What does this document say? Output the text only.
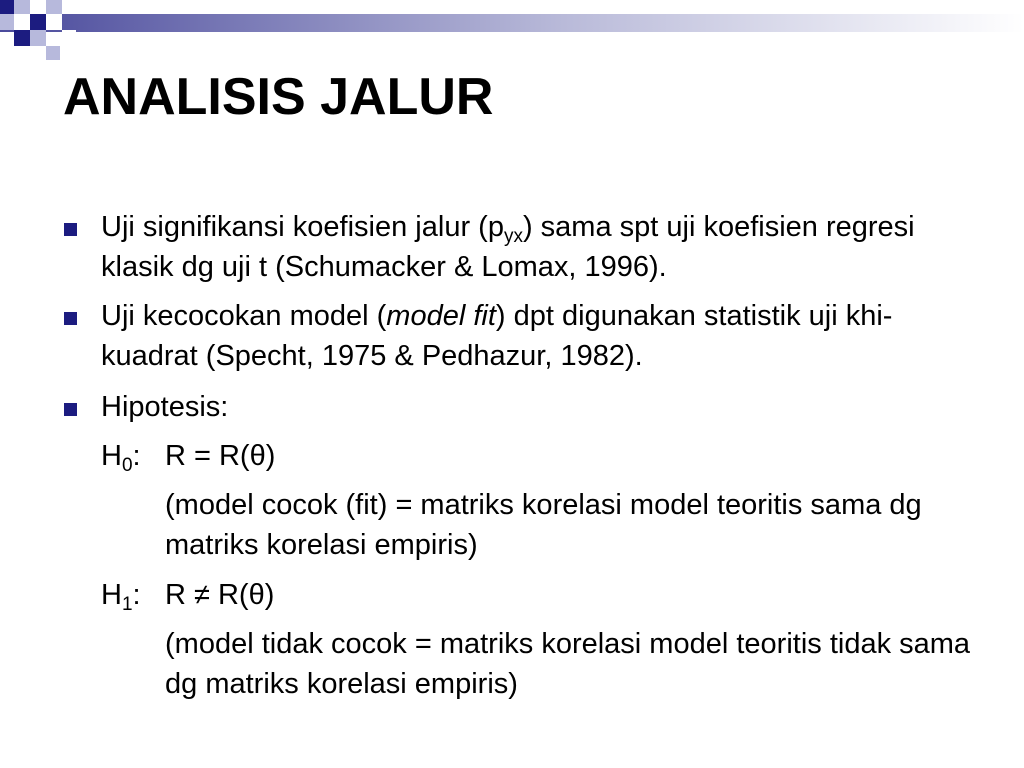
ANALISIS JALUR
Uji signifikansi koefisien jalur $(p_{yx})$ sama spt uji koefisien regresi klasik dg uji t (Schumacker & Lomax, 1996).
Uji kecocokan model (model fit) dpt digunakan statistik uji khi-kuadrat (Specht, 1975 & Pedhazur, 1982).
Hipotesis:
$H_0$: R = R(θ)
(model cocok (fit) = matriks korelasi model teoritis sama dg matriks korelasi empiris)
$H_1$: R ≠ R(θ)
(model tidak cocok = matriks korelasi model teoritis tidak sama dg matriks korelasi empiris)
